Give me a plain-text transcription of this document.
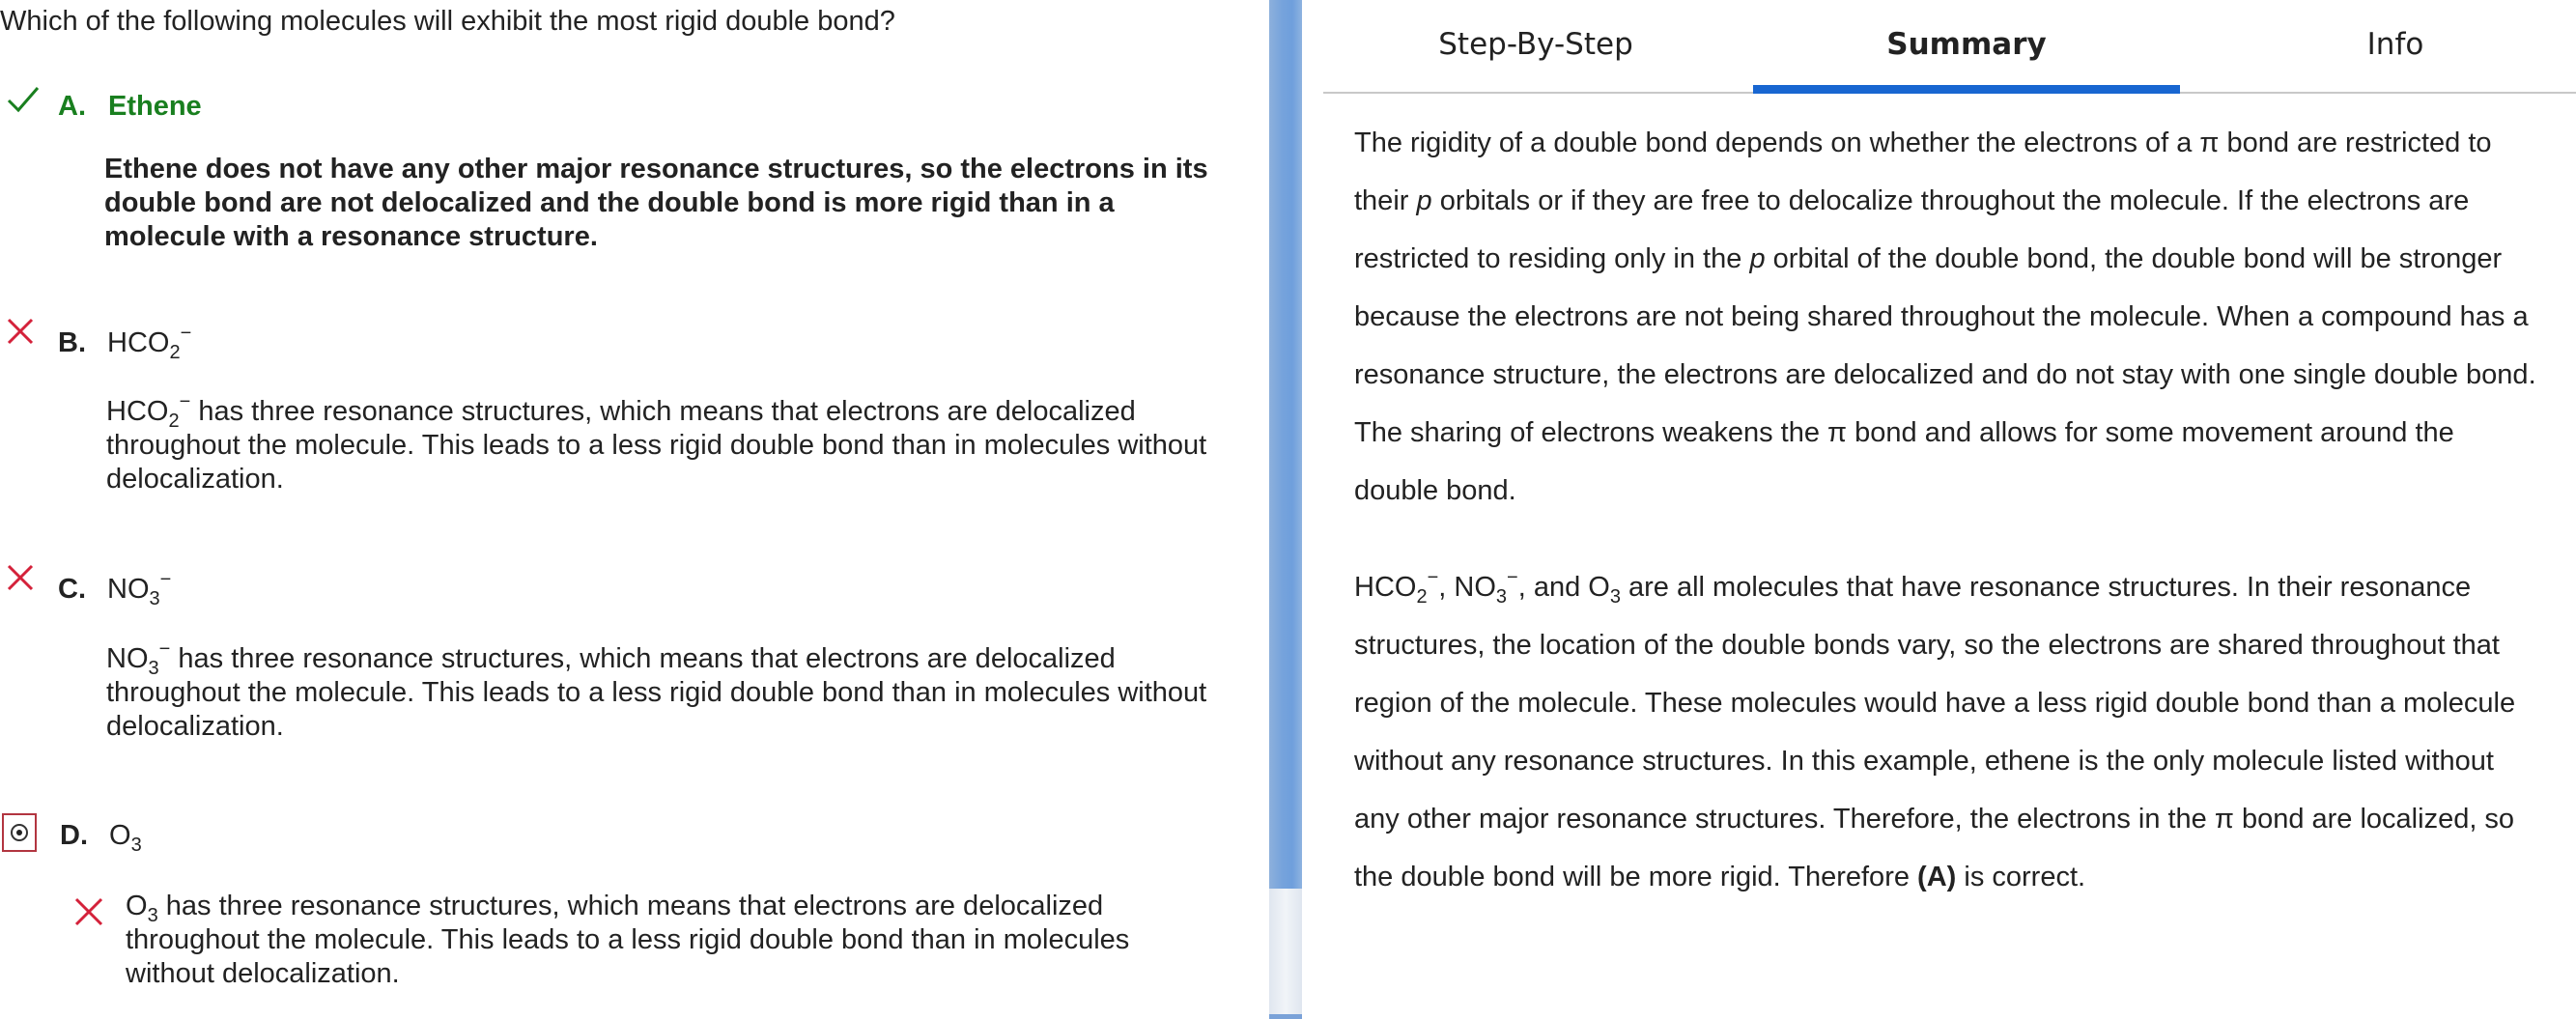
Which of the following molecules will exhibit the most rigid double bond?
A. Ethene
Ethene does not have any other major resonance structures, so the electrons in its double bond are not delocalized and the double bond is more rigid than in a molecule with a resonance structure.
B. $HCO_2^-$
$HCO_2^-$ has three resonance structures, which means that electrons are delocalized throughout the molecule. This leads to a less rigid double bond than in molecules without delocalization.
C. $NO_3^-$
$NO_3^-$ has three resonance structures, which means that electrons are delocalized throughout the molecule. This leads to a less rigid double bond than in molecules without delocalization.
D. $O_3$
$O_3$ has three resonance structures, which means that electrons are delocalized throughout the molecule. This leads to a less rigid double bond than in molecules without delocalization.
Step-By-Step	Summary	Info
The rigidity of a double bond depends on whether the electrons of a π bond are restricted to
their p orbitals or if they are free to delocalize throughout the molecule. If the electrons are
restricted to residing only in the p orbital of the double bond, the double bond will be stronger
because the electrons are not being shared throughout the molecule. When a compound has a
resonance structure, the electrons are delocalized and do not stay with one single double bond.
The sharing of electrons weakens the π bond and allows for some movement around the
double bond.
$HCO_2^-$, $NO_3^-$, and $O_3$ are all molecules that have resonance structures. In their resonance
structures, the location of the double bonds vary, so the electrons are shared throughout that
region of the molecule. These molecules would have a less rigid double bond than a molecule
without any resonance structures. In this example, ethene is the only molecule listed without
any other major resonance structures. Therefore, the electrons in the π bond are localized, so
the double bond will be more rigid. Therefore (A) is correct.
